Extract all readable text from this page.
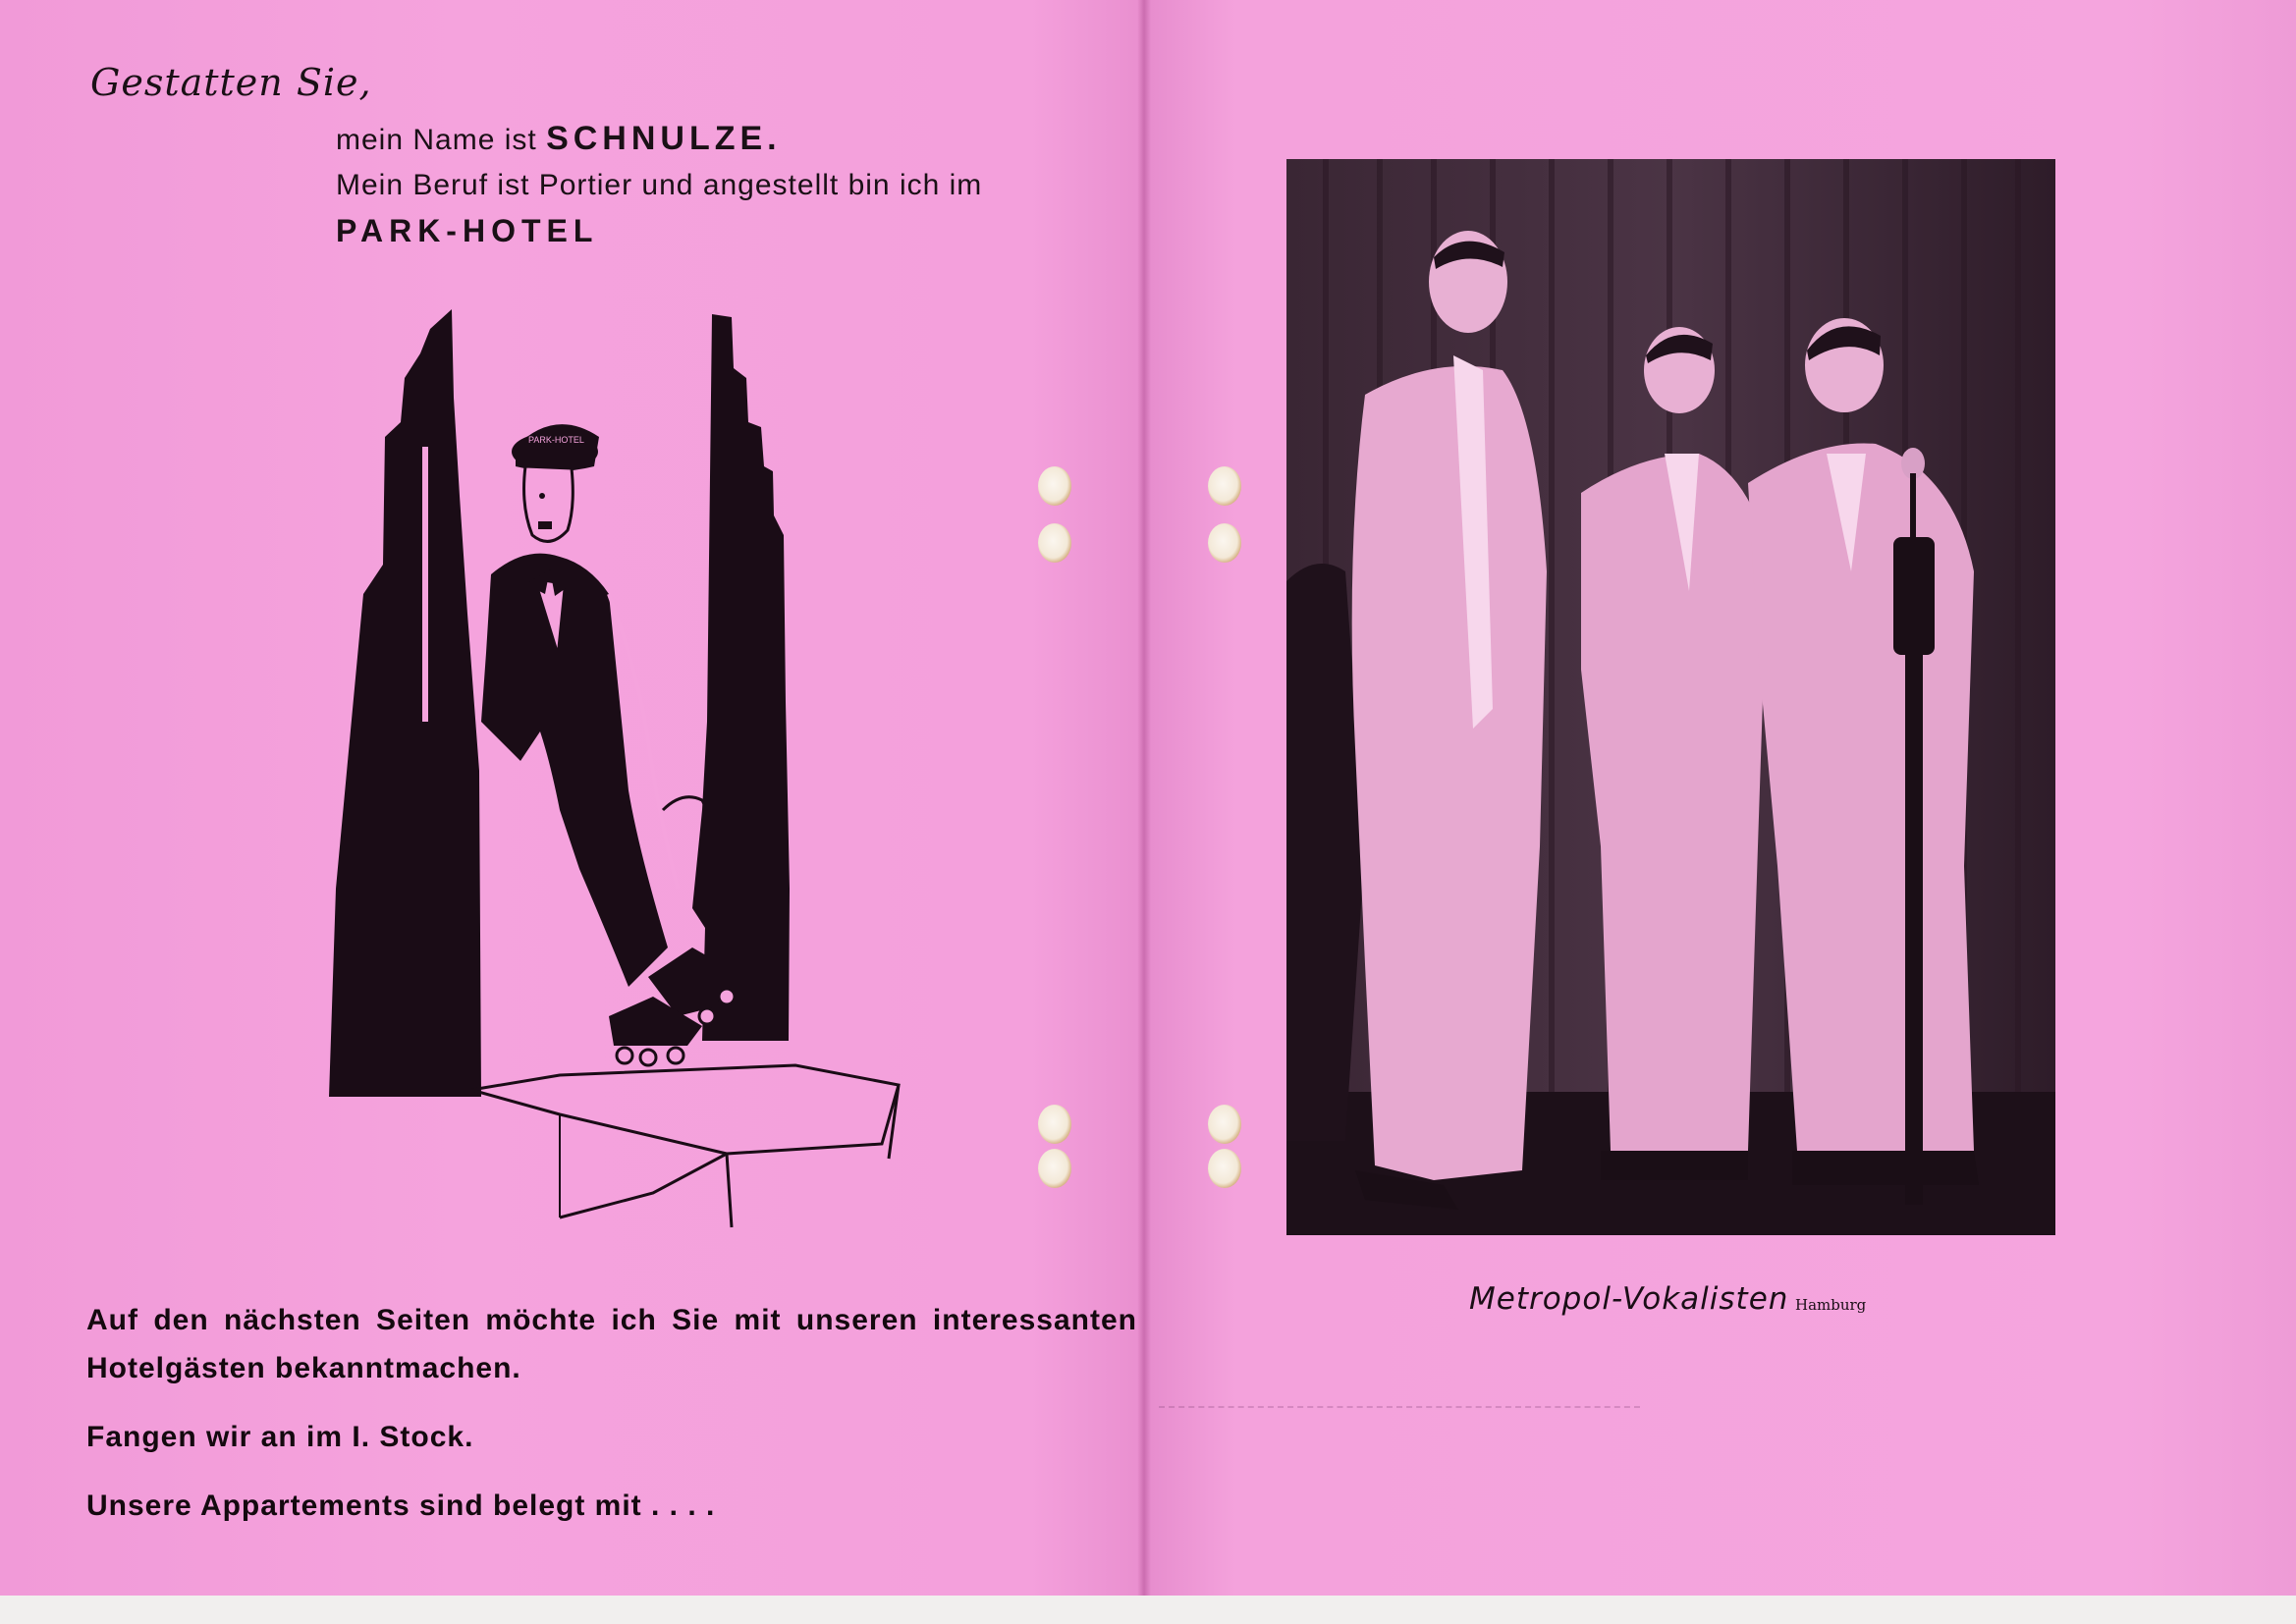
Gestatten Sie,
mein Name ist SCHNULZE.
Mein Beruf ist Portier und angestellt bin ich im
PARK-HOTEL
PARK-HOTEL
Auf den nächsten Seiten möchte ich Sie mit unseren interessanten
Hotelgästen bekanntmachen.
Fangen wir an im I. Stock.
Unsere Appartements sind belegt mit . . . .
Metropol-Vokalisten Hamburg
